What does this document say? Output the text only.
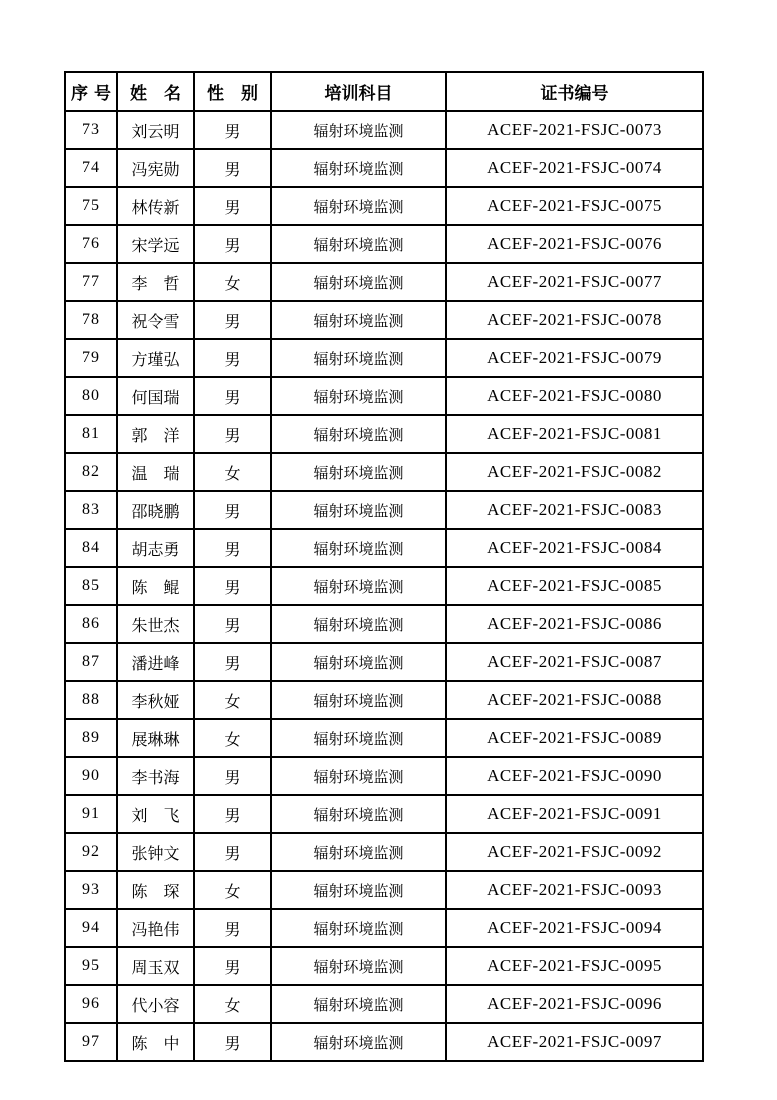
序 号	姓　名	性　别	培训科目	证书编号
73	刘云明	男	辐射环境监测	ACEF-2021-FSJC-0073
74	冯宪勋	男	辐射环境监测	ACEF-2021-FSJC-0074
75	林传新	男	辐射环境监测	ACEF-2021-FSJC-0075
76	宋学远	男	辐射环境监测	ACEF-2021-FSJC-0076
77	李　哲	女	辐射环境监测	ACEF-2021-FSJC-0077
78	祝令雪	男	辐射环境监测	ACEF-2021-FSJC-0078
79	方瑾弘	男	辐射环境监测	ACEF-2021-FSJC-0079
80	何国瑞	男	辐射环境监测	ACEF-2021-FSJC-0080
81	郭　洋	男	辐射环境监测	ACEF-2021-FSJC-0081
82	温　瑞	女	辐射环境监测	ACEF-2021-FSJC-0082
83	邵晓鹏	男	辐射环境监测	ACEF-2021-FSJC-0083
84	胡志勇	男	辐射环境监测	ACEF-2021-FSJC-0084
85	陈　鲲	男	辐射环境监测	ACEF-2021-FSJC-0085
86	朱世杰	男	辐射环境监测	ACEF-2021-FSJC-0086
87	潘进峰	男	辐射环境监测	ACEF-2021-FSJC-0087
88	李秋娅	女	辐射环境监测	ACEF-2021-FSJC-0088
89	展琳琳	女	辐射环境监测	ACEF-2021-FSJC-0089
90	李书海	男	辐射环境监测	ACEF-2021-FSJC-0090
91	刘　飞	男	辐射环境监测	ACEF-2021-FSJC-0091
92	张钟文	男	辐射环境监测	ACEF-2021-FSJC-0092
93	陈　琛	女	辐射环境监测	ACEF-2021-FSJC-0093
94	冯艳伟	男	辐射环境监测	ACEF-2021-FSJC-0094
95	周玉双	男	辐射环境监测	ACEF-2021-FSJC-0095
96	代小容	女	辐射环境监测	ACEF-2021-FSJC-0096
97	陈　中	男	辐射环境监测	ACEF-2021-FSJC-0097
